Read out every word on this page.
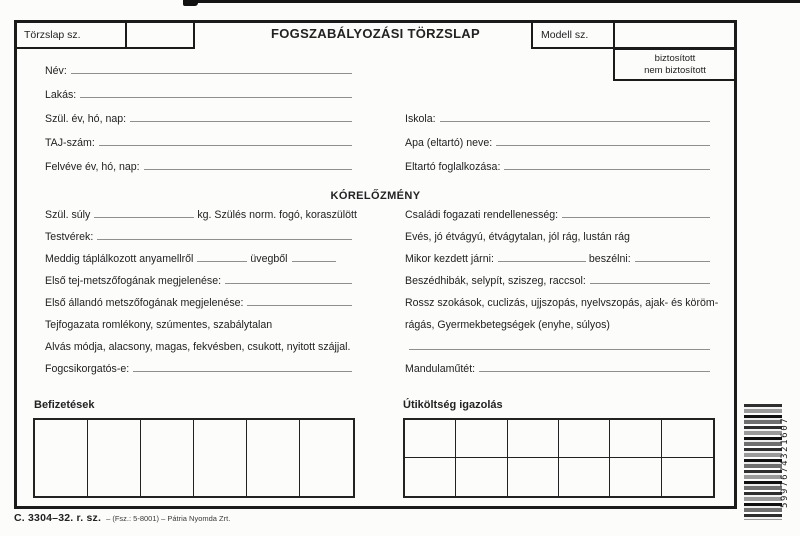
Törzslap sz.	FOGSZABÁLYOZÁSI TÖRZSLAP	Modell sz.
biztosított
nem biztosított
Név:
Lakás:
Szül. év, hó, nap:
TAJ-szám:
Felvéve év, hó, nap:
Iskola:
Apa (eltartó) neve:
Eltartó foglalkozása:
KÓRELŐZMÉNY
Szül. súly	kg. Szülés norm. fogó, koraszülött
Testvérek:
Meddig táplálkozott anyamellről	üvegből
Első tej-metszőfogának megjelenése:
Első állandó metszőfogának megjelenése:
Tejfogazata romlékony, szúmentes, szabálytalan
Alvás módja, alacsony, magas, fekvésben, csukott, nyitott szájjal.
Fogcsikorgatós-e:
Családi fogazati rendellenesség:
Evés, jó étvágyú, étvágytalan, jól rág, lustán rág
Mikor kezdett járni:	beszélni:
Beszédhibák, selypít, sziszeg, raccsol:
Rossz szokások, cuclizás, ujjszopás, nyelvszopás, ajak- és köröm-
rágás, Gyermekbetegségek (enyhe, súlyos)
Mandulaműtét:
Befizetések	Útiköltség igazolás
C. 3304–32. r. sz. – (Fsz.: 5-8001) – Pátria Nyomda Zrt.
5997674321607
